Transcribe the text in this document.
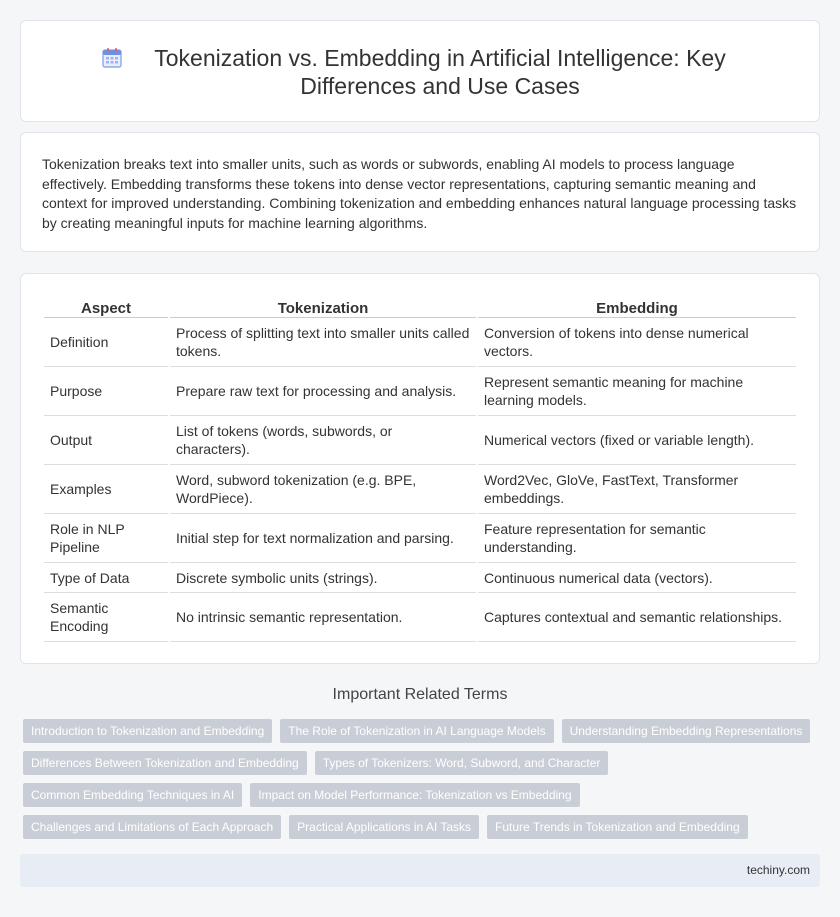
Tokenization vs. Embedding in Artificial Intelligence: Key Differences and Use Cases

Tokenization breaks text into smaller units, such as words or subwords, enabling AI models to process language effectively. Embedding transforms these tokens into dense vector representations, capturing semantic meaning and context for improved understanding. Combining tokenization and embedding enhances natural language processing tasks by creating meaningful inputs for machine learning algorithms.

Aspect	Tokenization	Embedding
Definition	Process of splitting text into smaller units called tokens.	Conversion of tokens into dense numerical vectors.
Purpose	Prepare raw text for processing and analysis.	Represent semantic meaning for machine learning models.
Output	List of tokens (words, subwords, or characters).	Numerical vectors (fixed or variable length).
Examples	Word, subword tokenization (e.g. BPE, WordPiece).	Word2Vec, GloVe, FastText, Transformer embeddings.
Role in NLP Pipeline	Initial step for text normalization and parsing.	Feature representation for semantic understanding.
Type of Data	Discrete symbolic units (strings).	Continuous numerical data (vectors).
Semantic Encoding	No intrinsic semantic representation.	Captures contextual and semantic relationships.
Important Related Terms
Introduction to Tokenization and Embedding	The Role of Tokenization in AI Language Models	Understanding Embedding Representations
Differences Between Tokenization and Embedding	Types of Tokenizers: Word, Subword, and Character
Common Embedding Techniques in AI	Impact on Model Performance: Tokenization vs Embedding
Challenges and Limitations of Each Approach	Practical Applications in AI Tasks	Future Trends in Tokenization and Embedding
techiny.com
